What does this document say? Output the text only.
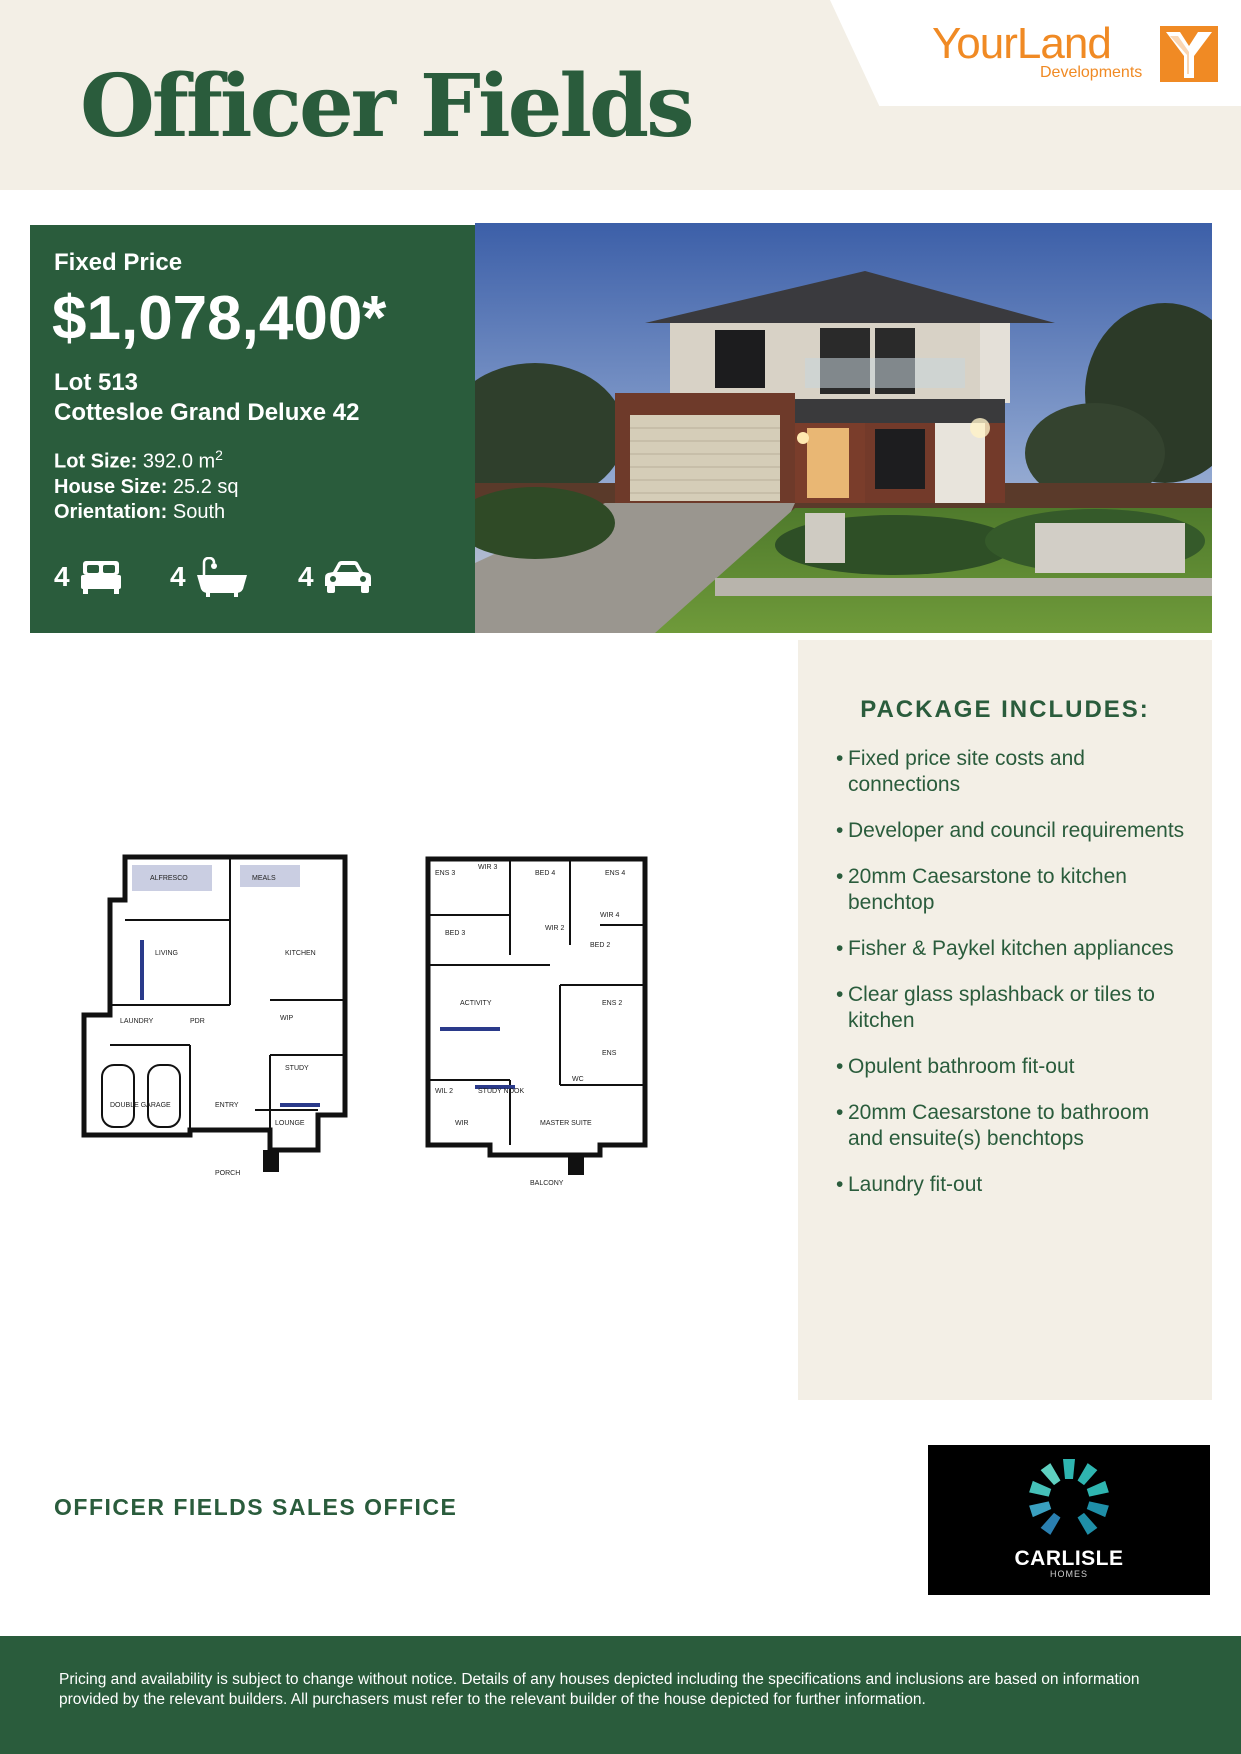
Officer Fields
YourLand
Developments
Fixed Price
$1,078,400*
Lot 513
Cottesloe Grand Deluxe 42
Lot Size: 392.0 $m^2$
House Size: 25.2 sq
Orientation: South
4	4	4
ALFRESCO	MEALS
LIVING	KITCHEN
LAUNDRY	WIP
PDR
STUDY
DOUBLE GARAGE	ENTRY
LOUNGE
PORCH
ENS 3
WIR 3
BED 4	ENS 4
BED 3
WIR 4
WIR 2
BED 2
ACTIVITY	ENS 2
ENS
WC
WIL 2	STUDY NOOK
WIR	MASTER SUITE
BALCONY
PACKAGE INCLUDES:
• Fixed price site costs and connections
• Developer and council requirements
• 20mm Caesarstone to kitchen benchtop
• Fisher & Paykel kitchen appliances
• Clear glass splashback or tiles to kitchen
• Opulent bathroom fit-out
• 20mm Caesarstone to bathroom and ensuite(s) benchtops
• Laundry fit-out
OFFICER FIELDS SALES OFFICE
CARLISLE
HOMES

Pricing and availability is subject to change without notice. Details of any houses depicted including the specifications and inclusions are based on information provided by the relevant builders. All purchasers must refer to the relevant builder of the house depicted for further information.
